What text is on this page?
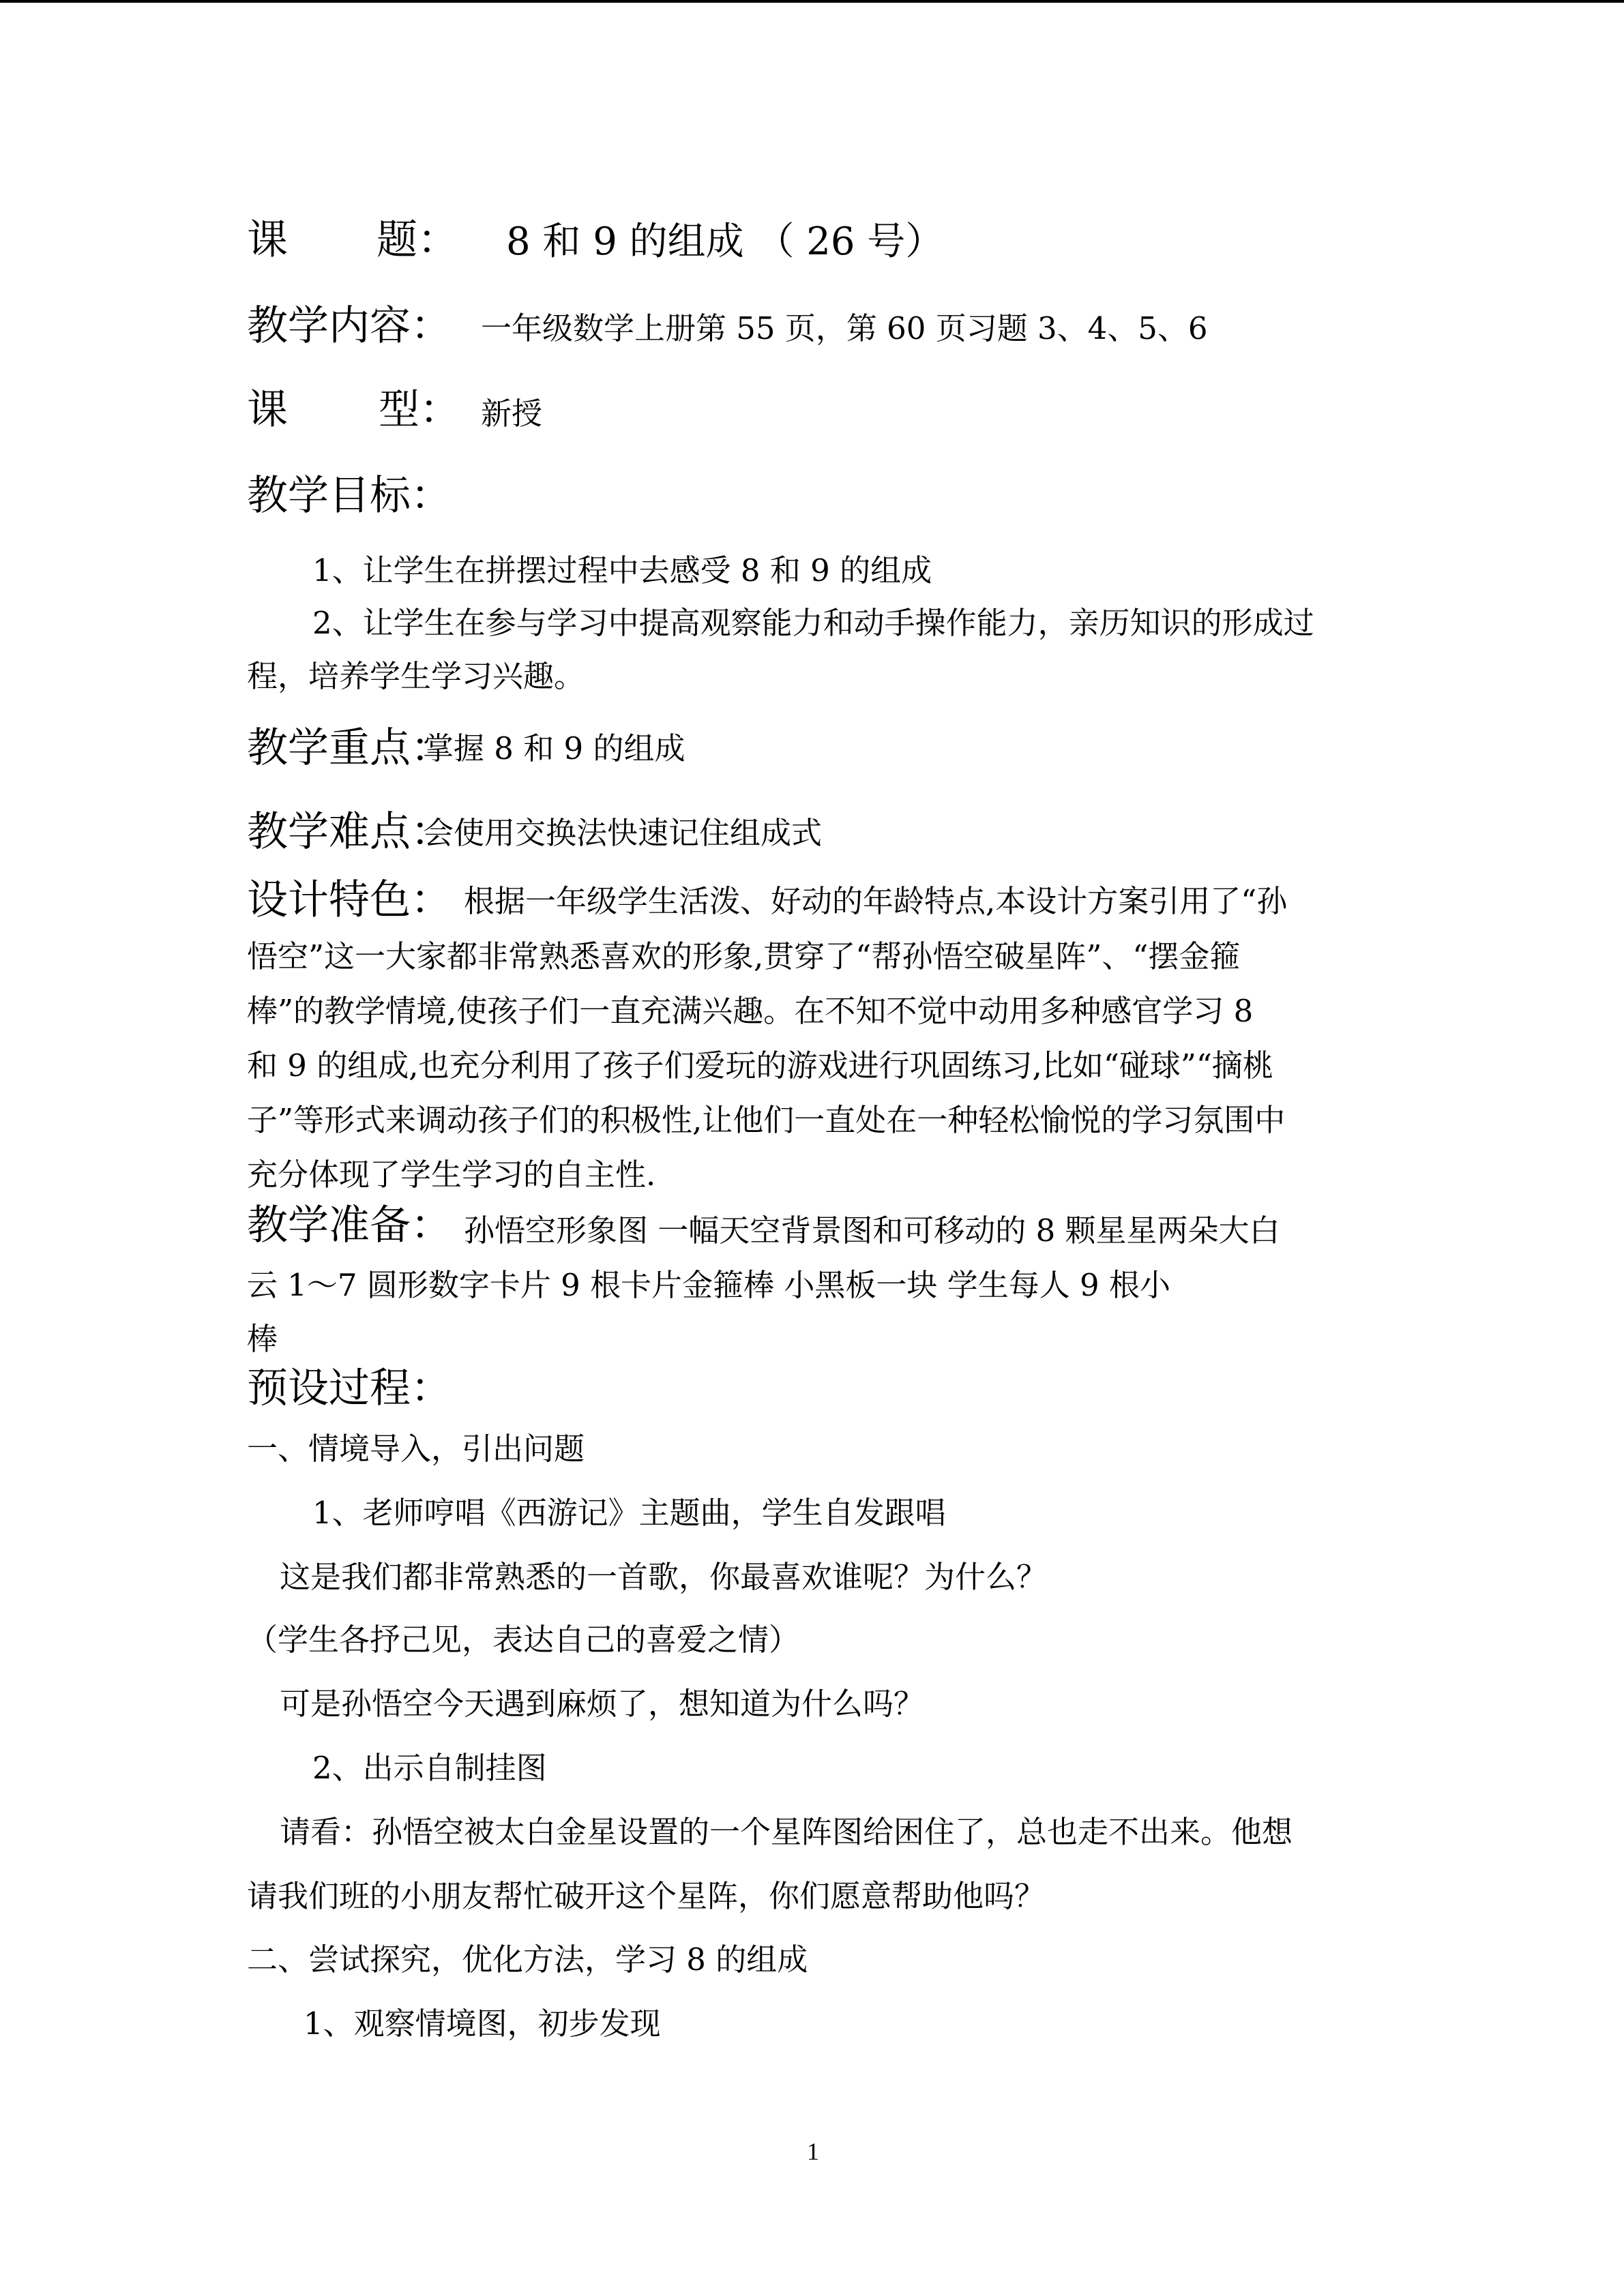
课 题： 8 和 9 的组成 （ 26 号）
教学内容： 一年级数学上册第 55 页，第 60 页习题 3、4、5、6
课 型： 新授
教学目标：
1、让学生在拼摆过程中去感受 8 和 9 的组成
2、让学生在参与学习中提高观察能力和动手操作能力，亲历知识的形成过
程，培养学生学习兴趣。
教学重点：
掌握 8 和 9 的组成
教学难点：
会使用交换法快速记住组成式
设计特色： 根据一年级学生活泼、好动的年龄特点,本设计方案引用了“孙
悟空”这一大家都非常熟悉喜欢的形象,贯穿了“帮孙悟空破星阵”、“摆金箍
棒”的教学情境,使孩子们一直充满兴趣。在不知不觉中动用多种感官学习 8
和 9 的组成,也充分利用了孩子们爱玩的游戏进行巩固练习,比如“碰球”“摘桃
子”等形式来调动孩子们的积极性,让他们一直处在一种轻松愉悦的学习氛围中
充分体现了学生学习的自主性.
教学准备： 孙悟空形象图 一幅天空背景图和可移动的 8 颗星星两朵大白
云 1～7 圆形数字卡片 9 根卡片金箍棒 小黑板一块 学生每人 9 根小
棒
预设过程：
一、情境导入，引出问题
1、老师哼唱《西游记》主题曲，学生自发跟唱
这是我们都非常熟悉的一首歌，你最喜欢谁呢？为什么？
（学生各抒己见，表达自己的喜爱之情）
可是孙悟空今天遇到麻烦了，想知道为什么吗？
2、出示自制挂图
请看：孙悟空被太白金星设置的一个星阵图给困住了，总也走不出来。他想
请我们班的小朋友帮忙破开这个星阵，你们愿意帮助他吗？
二、尝试探究，优化方法，学习 8 的组成
1、观察情境图，初步发现
1
